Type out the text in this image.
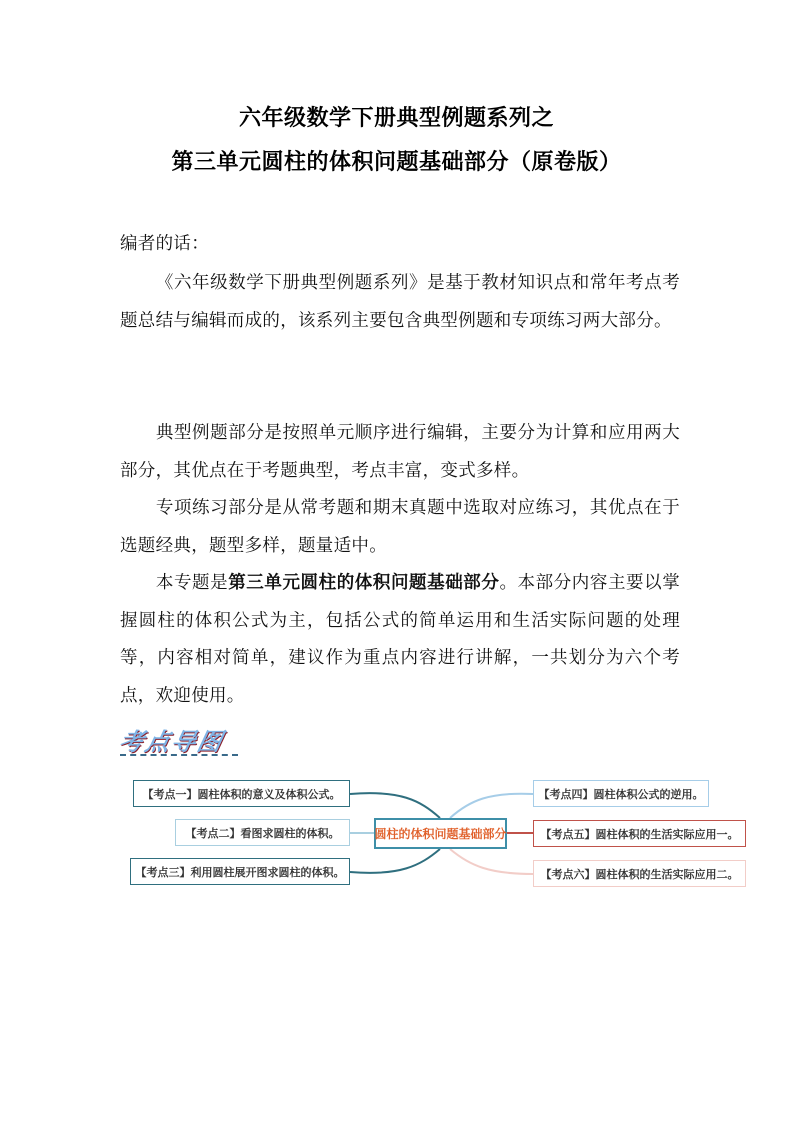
六年级数学下册典型例题系列之
第三单元圆柱的体积问题基础部分（原卷版）
编者的话：
《六年级数学下册典型例题系列》是基于教材知识点和常年考点考题总结与编辑而成的，该系列主要包含典型例题和专项练习两大部分。
典型例题部分是按照单元顺序进行编辑，主要分为计算和应用两大部分，其优点在于考题典型，考点丰富，变式多样。
专项练习部分是从常考题和期末真题中选取对应练习，其优点在于选题经典，题型多样，题量适中。
本专题是第三单元圆柱的体积问题基础部分。本部分内容主要以掌握圆柱的体积公式为主，包括公式的简单运用和生活实际问题的处理等，内容相对简单，建议作为重点内容进行讲解，一共划分为六个考点，欢迎使用。
考点导图
【考点一】圆柱体积的意义及体积公式。
【考点二】看图求圆柱的体积。
【考点三】利用圆柱展开图求圆柱的体积。
圆柱的体积问题基础部分
【考点四】圆柱体积公式的逆用。
【考点五】圆柱体积的生活实际应用一。
【考点六】圆柱体积的生活实际应用二。
